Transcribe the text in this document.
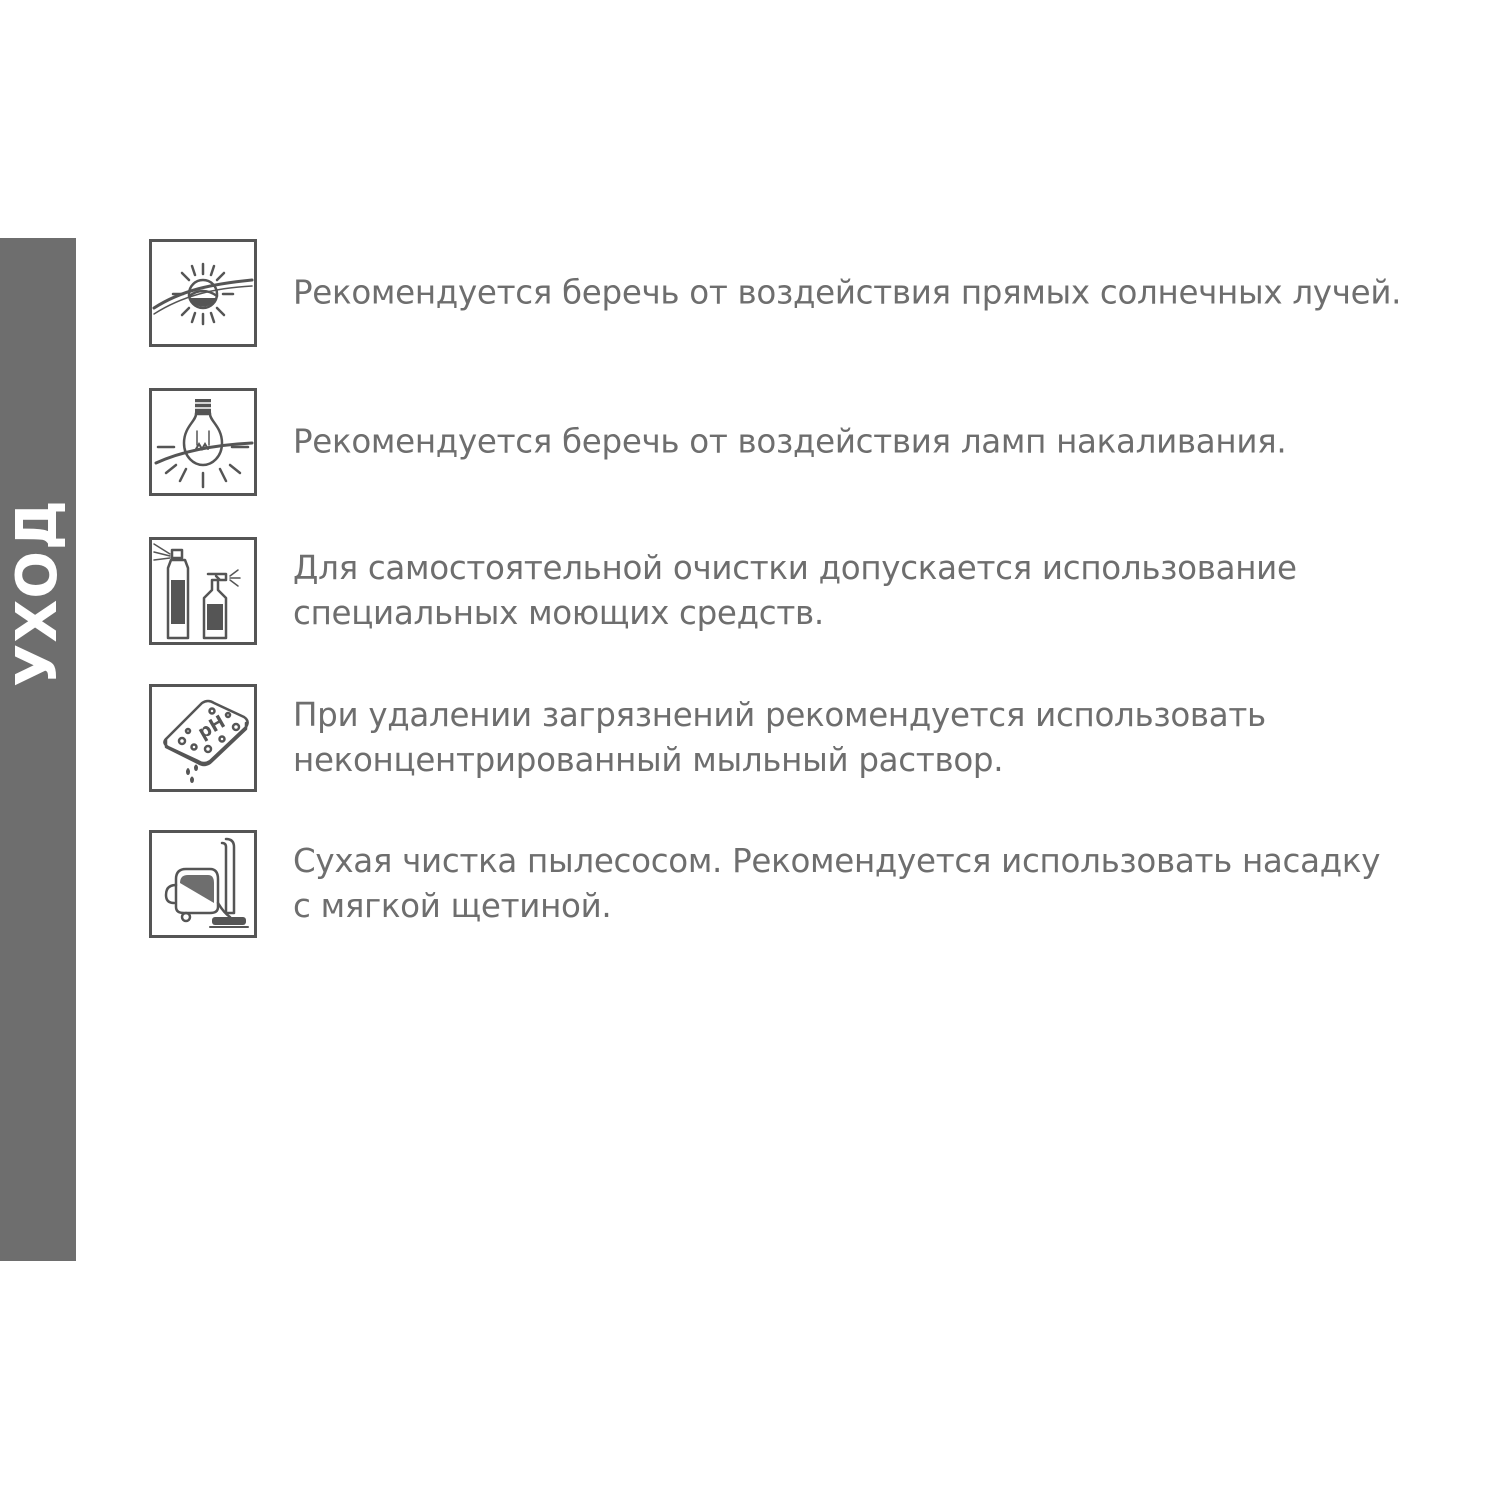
УХОД
Рекомендуется беречь от воздействия прямых солнечных лучей.
Рекомендуется беречь от воздействия ламп накаливания.
Для самостоятельной очистки допускается использование
специальных моющих средств.
pH При удалении загрязнений рекомендуется использовать
неконцентрированный мыльный раствор.
Сухая чистка пылесосом. Рекомендуется использовать насадку
с мягкой щетиной.
